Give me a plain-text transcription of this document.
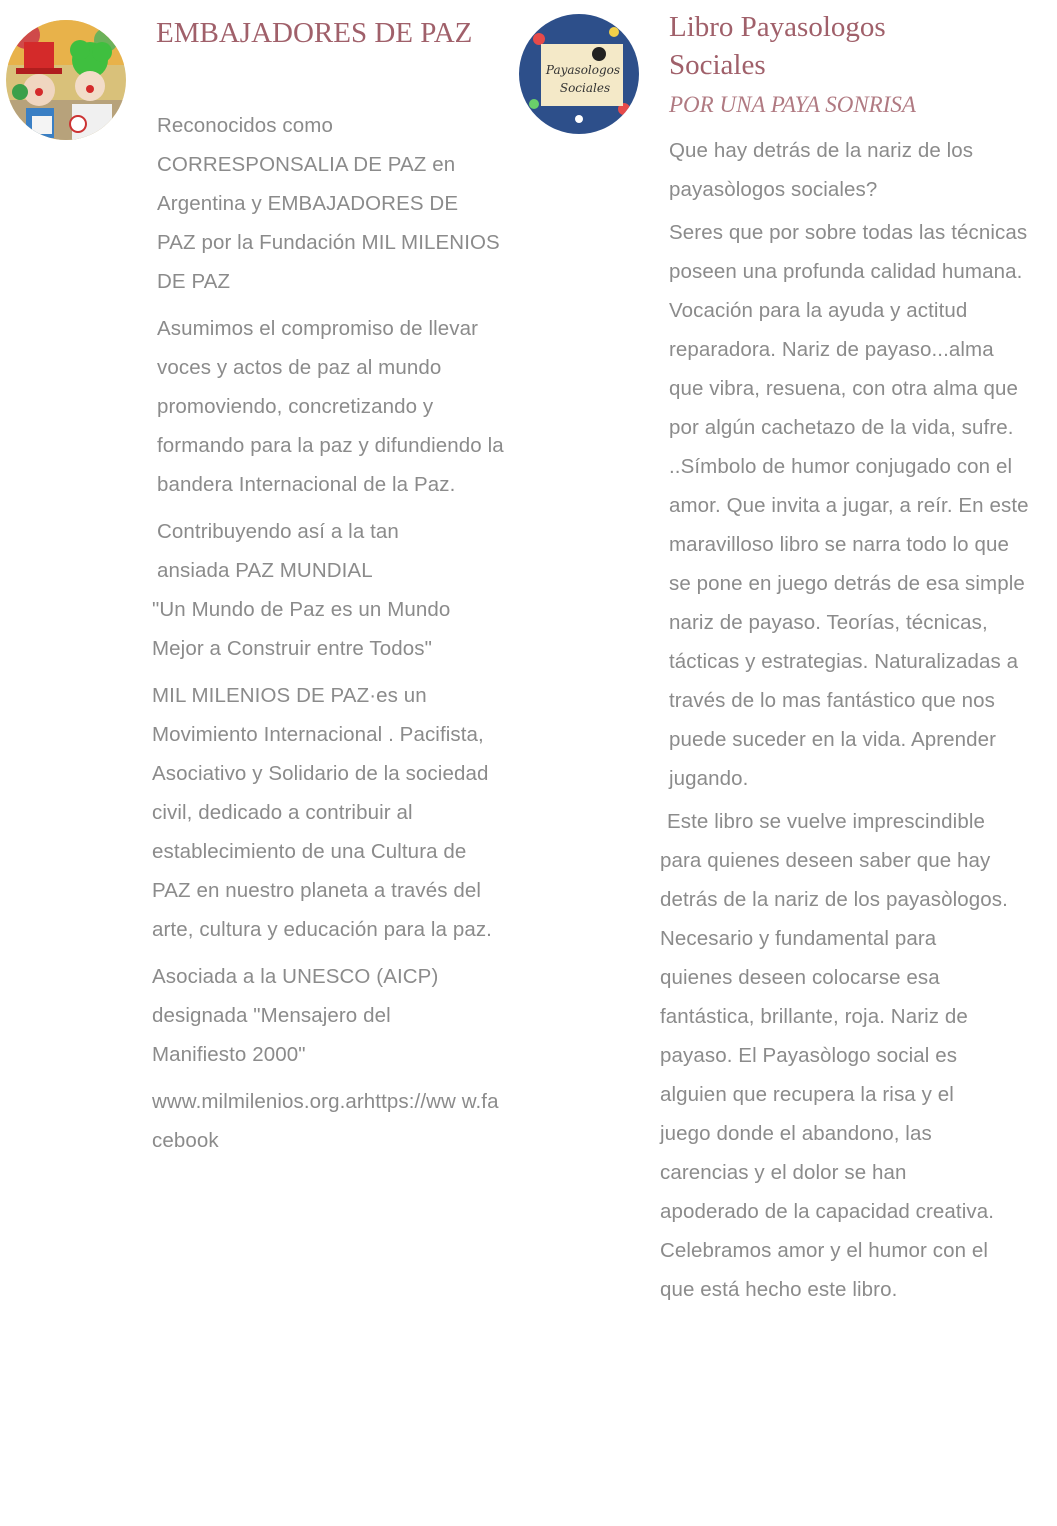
EMBAJADORES DE PAZ

Reconocidos como CORRESPONSALIA DE PAZ en Argentina y EMBAJADORES DE PAZ por la Fundación MIL MILENIOS DE PAZ

Asumimos el compromiso de llevar voces y actos de paz al mundo promoviendo, concretizando y formando para la paz y difundiendo la bandera Internacional de la Paz.

Contribuyendo así a la tan ansiada PAZ MUNDIAL

"Un Mundo de Paz es un Mundo Mejor a Construir entre Todos"

MIL MILENIOS DE PAZ·es un Movimiento Internacional . Pacifista, Asociativo y Solidario de la sociedad civil, dedicado a contribuir al establecimiento de una Cultura de PAZ en nuestro planeta a través del arte, cultura y educación para la paz.

Asociada a la UNESCO (AICP) designada "Mensajero del Manifiesto 2000"

www.milmilenios.org.arhttps://ww w.facebook

Payasologos
Sociales
Libro Payasologos Sociales
POR UNA PAYA SONRISA

Que hay detrás de la nariz de los payasòlogos sociales?

Seres que por sobre todas las técnicas poseen una profunda calidad humana. Vocación para la ayuda y actitud reparadora. Nariz de payaso...alma que vibra, resuena, con otra alma que por algún cachetazo de la vida, sufre. ..Símbolo de humor conjugado con el amor. Que invita a jugar, a reír. En este maravilloso libro se narra todo lo que se pone en juego detrás de esa simple nariz de payaso. Teorías, técnicas, tácticas y estrategias. Naturalizadas a través de lo mas fantástico que nos puede suceder en la vida. Aprender jugando.

Este libro se vuelve imprescindible para quienes deseen saber que hay detrás de la nariz de los payasòlogos. Necesario y fundamental para quienes deseen colocarse esa fantástica, brillante, roja. Nariz de payaso. El Payasòlogo social es alguien que recupera la risa y el juego donde el abandono, las carencias y el dolor se han apoderado de la capacidad creativa. Celebramos amor y el humor con el que está hecho este libro.
